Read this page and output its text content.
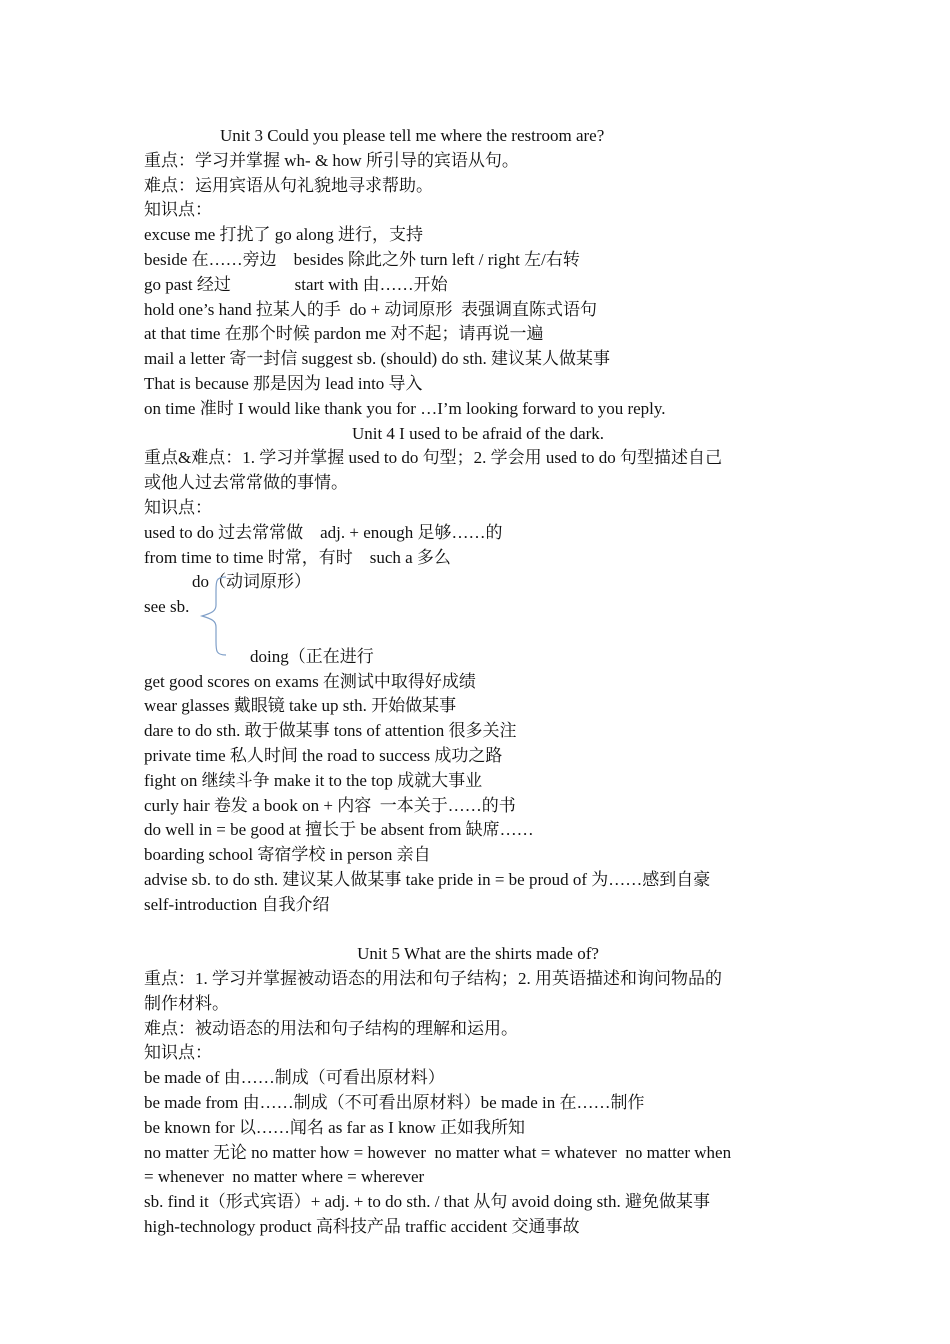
Unit 3 Could you please tell me where the restroom are?
重点：学习并掌握 wh- & how 所引导的宾语从句。
难点：运用宾语从句礼貌地寻求帮助。
知识点：
excuse me 打扰了 go along 进行，支持
beside 在……旁边    besides 除此之外 turn left / right 左/右转
go past 经过               start with 由……开始
hold one’s hand 拉某人的手  do + 动词原形  表强调直陈式语句
at that time 在那个时候 pardon me 对不起；请再说一遍
mail a letter 寄一封信 suggest sb. (should) do sth. 建议某人做某事
That is because 那是因为 lead into 导入
on time 准时 I would like thank you for …I’m looking forward to you reply.
Unit 4 I used to be afraid of the dark.
重点&难点：1. 学习并掌握 used to do 句型；2. 学会用 used to do 句型描述自己
或他人过去常常做的事情。
知识点：
used to do 过去常常做    adj. + enough 足够……的
from time to time 时常，有时    such a 多么
do（动词原形）
see sb.
doing（正在进行
get good scores on exams 在测试中取得好成绩
wear glasses 戴眼镜 take up sth. 开始做某事
dare to do sth. 敢于做某事 tons of attention 很多关注
private time 私人时间 the road to success 成功之路
fight on 继续斗争 make it to the top 成就大事业
curly hair 卷发 a book on + 内容  一本关于……的书
do well in = be good at 擅长于 be absent from 缺席……
boarding school 寄宿学校 in person 亲自
advise sb. to do sth. 建议某人做某事 take pride in = be proud of 为……感到自豪
self-introduction 自我介绍
Unit 5 What are the shirts made of?
重点：1. 学习并掌握被动语态的用法和句子结构；2. 用英语描述和询问物品的
制作材料。
难点：被动语态的用法和句子结构的理解和运用。
知识点：
be made of 由……制成（可看出原材料）
be made from 由……制成（不可看出原材料）be made in 在……制作
be known for 以……闻名 as far as I know 正如我所知
no matter 无论 no matter how = however  no matter what = whatever  no matter when
= whenever  no matter where = wherever
sb. find it（形式宾语）+ adj. + to do sth. / that 从句 avoid doing sth. 避免做某事
high-technology product 高科技产品 traffic accident 交通事故
